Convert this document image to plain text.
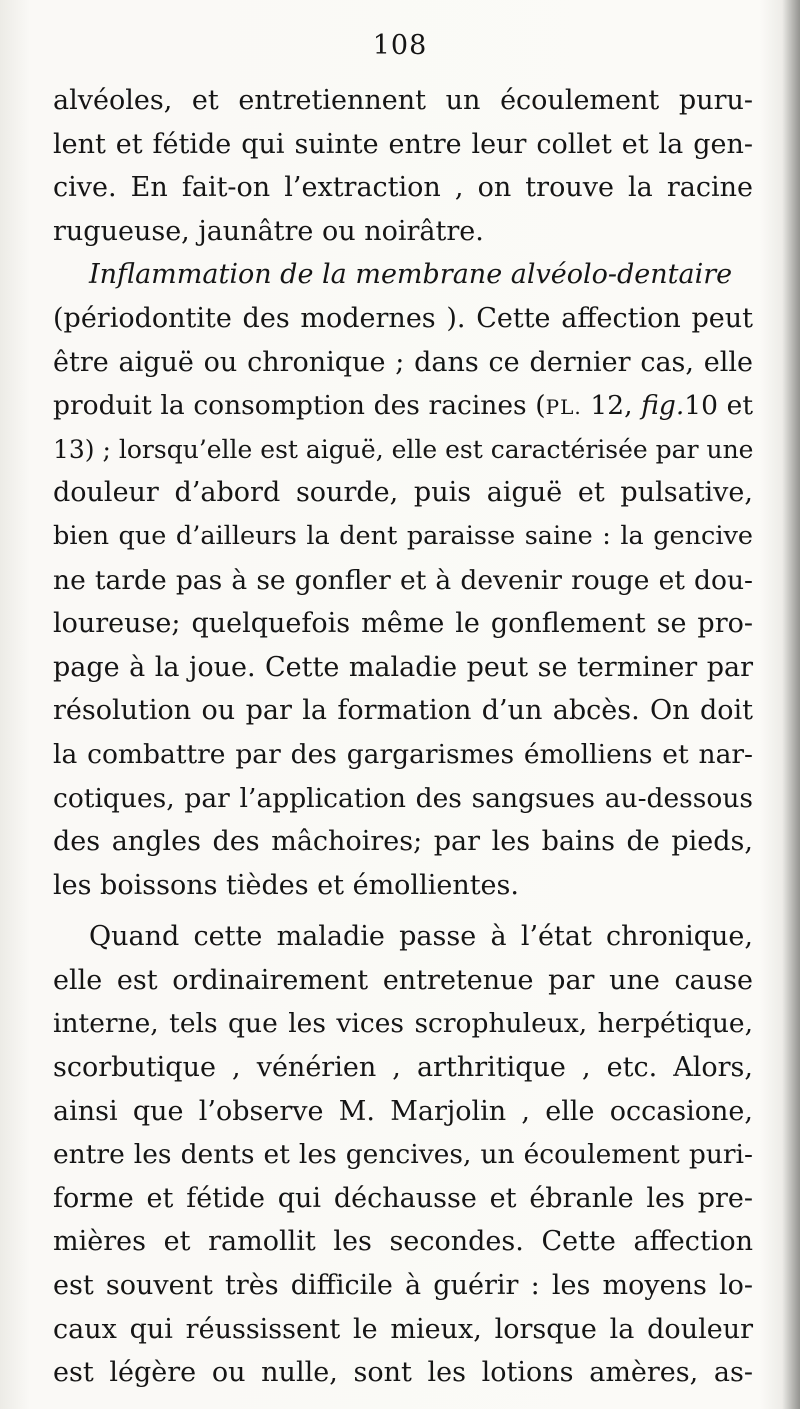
108
alvéoles, et entretiennent un écoulement puru-
lent et fétide qui suinte entre leur collet et la gen-
cive. En fait-on l’extraction , on trouve la racine
rugueuse, jaunâtre ou noirâtre.
Inflammation de la membrane alvéolo-dentaire
(périodontite des modernes ). Cette affection peut
être aiguë ou chronique ; dans ce dernier cas, elle
produit la consomption des racines (PL. 12, fig.10 et
13) ; lorsqu’elle est aiguë, elle est caractérisée par une
douleur d’abord sourde, puis aiguë et pulsative,
bien que d’ailleurs la dent paraisse saine : la gencive
ne tarde pas à se gonfler et à devenir rouge et dou-
loureuse; quelquefois même le gonflement se pro-
page à la joue. Cette maladie peut se terminer par
résolution ou par la formation d’un abcès. On doit
la combattre par des gargarismes émolliens et nar-
cotiques, par l’application des sangsues au-dessous
des angles des mâchoires; par les bains de pieds,
les boissons tièdes et émollientes.
Quand cette maladie passe à l’état chronique,
elle est ordinairement entretenue par une cause
interne, tels que les vices scrophuleux, herpétique,
scorbutique , vénérien , arthritique , etc. Alors,
ainsi que l’observe M. Marjolin , elle occasione,
entre les dents et les gencives, un écoulement puri-
forme et fétide qui déchausse et ébranle les pre-
mières et ramollit les secondes. Cette affection
est souvent très difficile à guérir : les moyens lo-
caux qui réussissent le mieux, lorsque la douleur
est légère ou nulle, sont les lotions amères, as-
